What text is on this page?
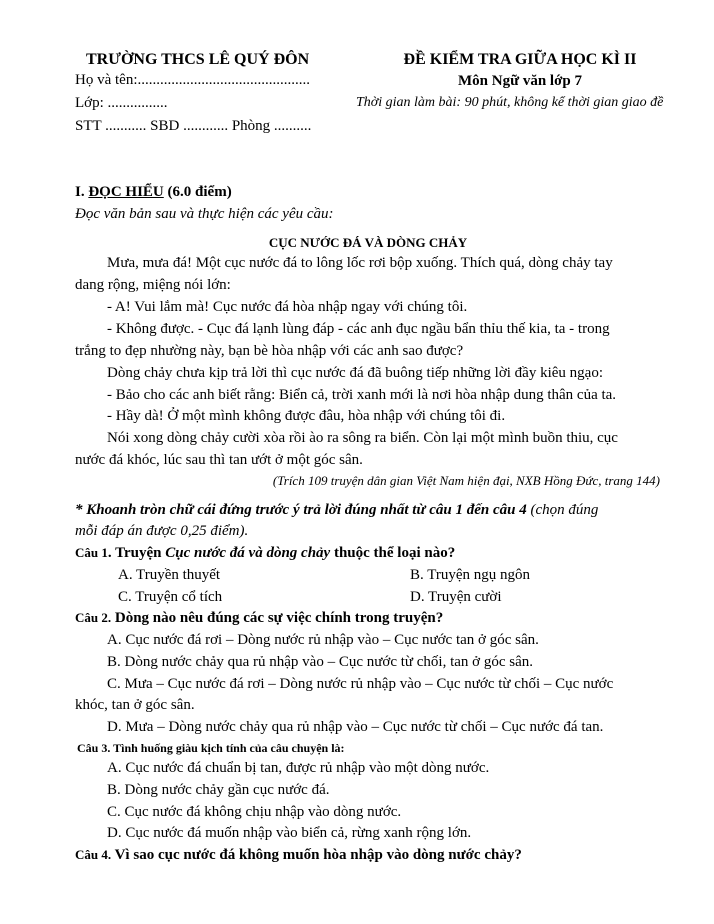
TRƯỜNG THCS LÊ QUÝ ĐÔN
Họ và tên:..............................................
Lớp: ................
STT ........... SBD ............ Phòng ..........
ĐỀ KIỂM TRA GIỮA HỌC KÌ II
Môn Ngữ văn lớp 7
Thời gian làm bài: 90 phút, không kể thời gian giao đề
I. ĐỌC HIỂU (6.0 điểm)
Đọc văn bản sau và thực hiện các yêu cầu:
CỤC NƯỚC ĐÁ VÀ DÒNG CHẢY
Mưa, mưa đá! Một cục nước đá to lông lốc rơi bộp xuống. Thích quá, dòng chảy tay
dang rộng, miệng nói lớn:
- A! Vui lắm mà! Cục nước đá hòa nhập ngay với chúng tôi.
- Không được. - Cục đá lạnh lùng đáp - các anh đục ngầu bẩn thỉu thế kia, ta - trong
trắng to đẹp nhường này, bạn bè hòa nhập với các anh sao được?
Dòng chảy chưa kịp trả lời thì cục nước đá đã buông tiếp những lời đầy kiêu ngạo:
- Bảo cho các anh biết rằng: Biển cả, trời xanh mới là nơi hòa nhập dung thân của ta.
- Hầy dà! Ở một mình không được đâu, hòa nhập với chúng tôi đi.
Nói xong dòng chảy cười xòa rồi ào ra sông ra biển. Còn lại một mình buồn thiu, cục
nước đá khóc, lúc sau thì tan ướt ở một góc sân.
(Trích 109 truyện dân gian Việt Nam hiện đại, NXB Hồng Đức, trang 144)
* Khoanh tròn chữ cái đứng trước ý trả lời đúng nhất từ câu 1 đến câu 4 (chọn đúng
mỗi đáp án được 0,25 điểm).
Câu 1. Truyện Cục nước đá và dòng chảy thuộc thể loại nào?
A. Truyền thuyết	B. Truyện ngụ ngôn
C. Truyện cổ tích	D. Truyện cười
Câu 2. Dòng nào nêu đúng các sự việc chính trong truyện?
A. Cục nước đá rơi – Dòng nước rủ nhập vào – Cục nước tan ở góc sân.
B. Dòng nước chảy qua rủ nhập vào – Cục nước từ chối, tan ở góc sân.
C. Mưa – Cục nước đá rơi – Dòng nước rủ nhập vào – Cục nước từ chối – Cục nước
khóc, tan ở góc sân.
D. Mưa – Dòng nước chảy qua rủ nhập vào – Cục nước từ chối – Cục nước đá tan.
Câu 3. Tình huống giàu kịch tính của câu chuyện là:
A. Cục nước đá chuẩn bị tan, được rủ nhập vào một dòng nước.
B. Dòng nước chảy gần cục nước đá.
C. Cục nước đá không chịu nhập vào dòng nước.
D. Cục nước đá muốn nhập vào biển cả, rừng xanh rộng lớn.
Câu 4. Vì sao cục nước đá không muốn hòa nhập vào dòng nước chảy?
